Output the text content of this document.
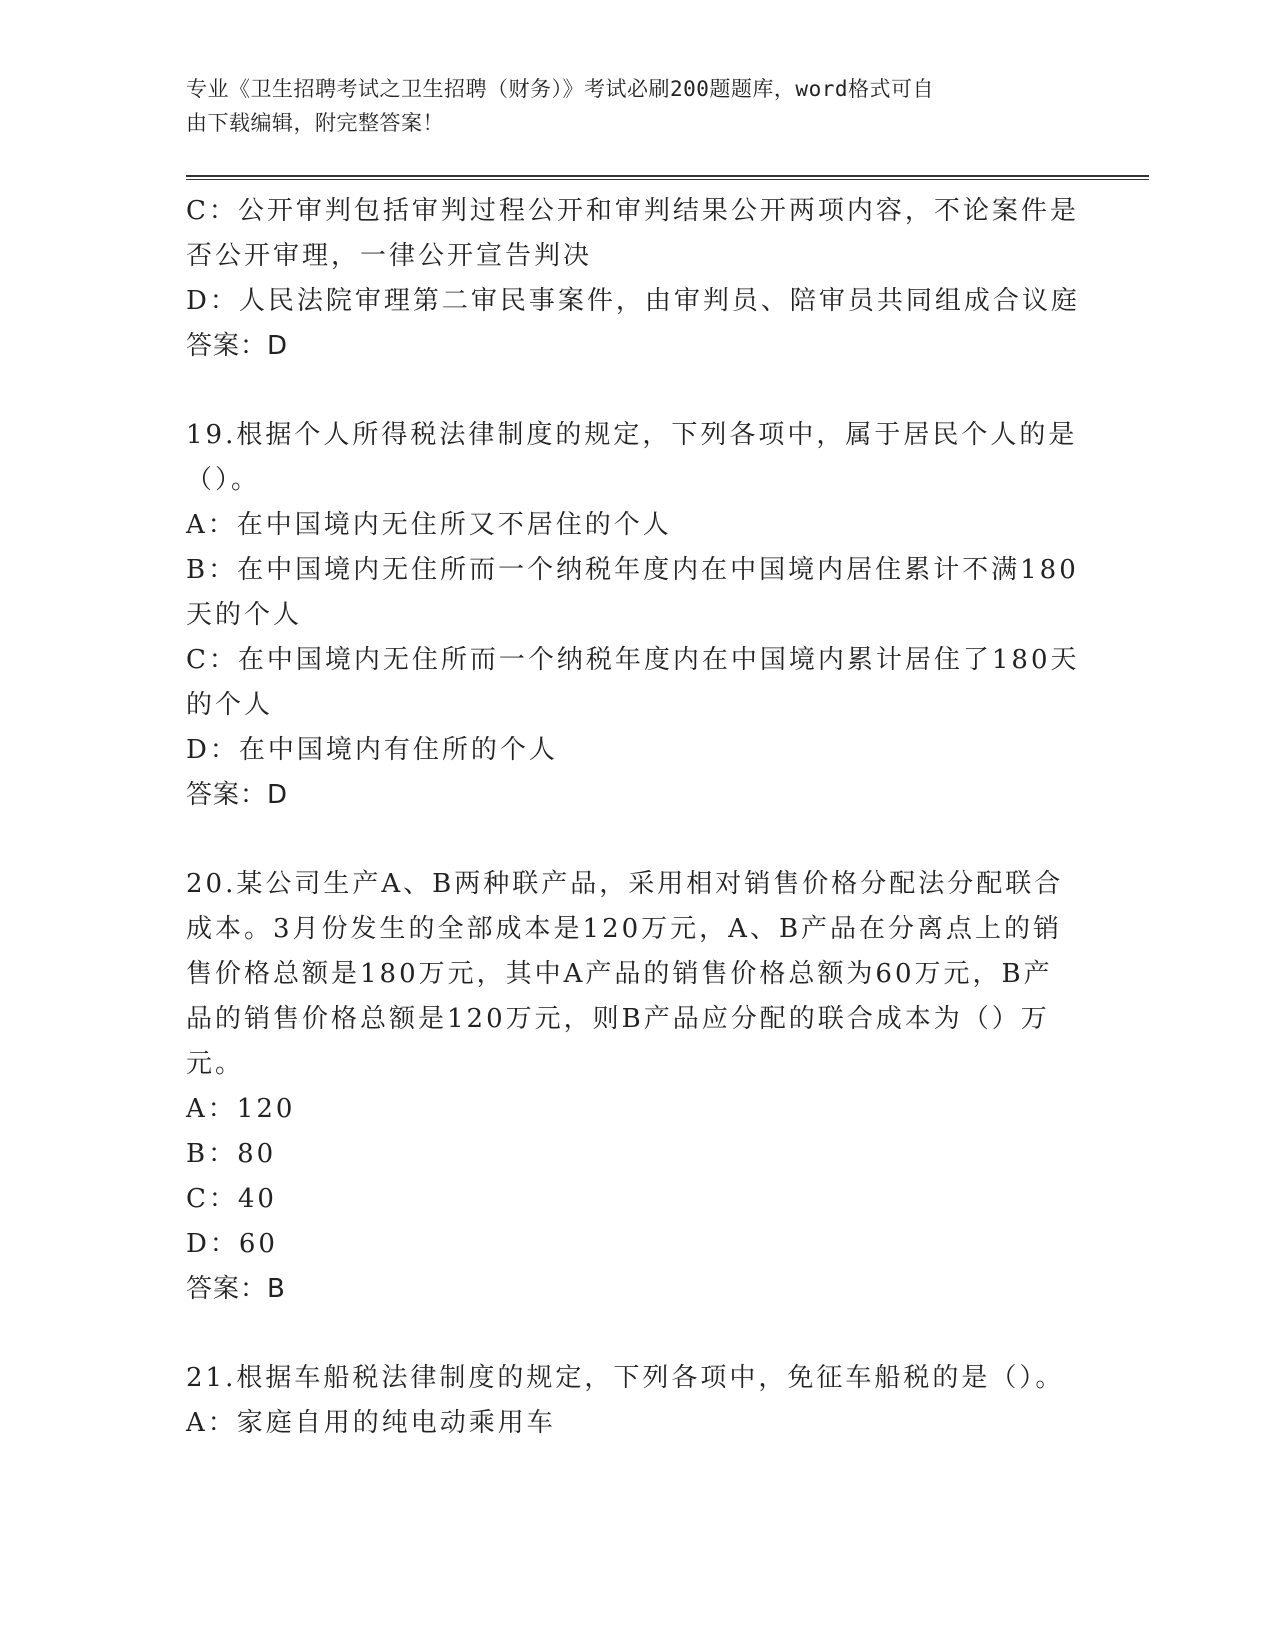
专业《卫生招聘考试之卫生招聘（财务）》考试必刷200题题库，word格式可自
由下载编辑，附完整答案！
C：公开审判包括审判过程公开和审判结果公开两项内容，不论案件是
否公开审理，一律公开宣告判决
D：人民法院审理第二审民事案件，由审判员、陪审员共同组成合议庭
答案：D
19.根据个人所得税法律制度的规定，下列各项中，属于居民个人的是
（）。
A：在中国境内无住所又不居住的个人
B：在中国境内无住所而一个纳税年度内在中国境内居住累计不满180
天的个人
C：在中国境内无住所而一个纳税年度内在中国境内累计居住了180天
的个人
D：在中国境内有住所的个人
答案：D
20.某公司生产A、B两种联产品，采用相对销售价格分配法分配联合
成本。3月份发生的全部成本是120万元，A、B产品在分离点上的销
售价格总额是180万元，其中A产品的销售价格总额为60万元，B产
品的销售价格总额是120万元，则B产品应分配的联合成本为（）万
元。
A：120
B：80
C：40
D：60
答案：B
21.根据车船税法律制度的规定，下列各项中，免征车船税的是（）。
A：家庭自用的纯电动乘用车
